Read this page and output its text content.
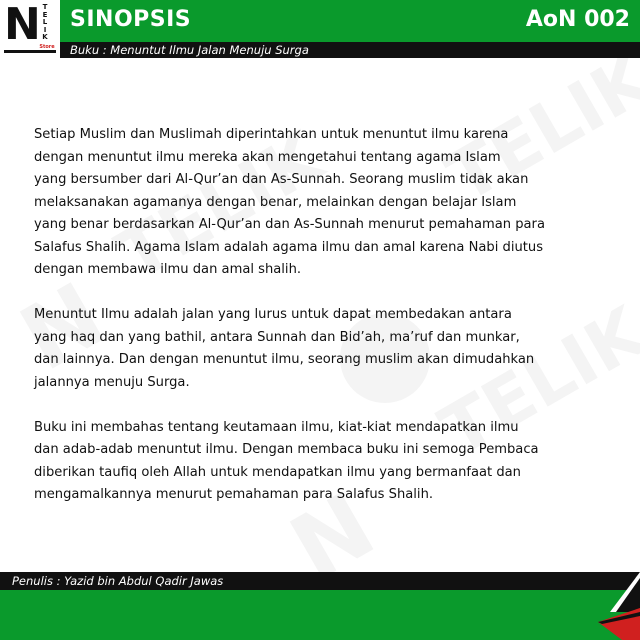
N T
E
L
I
K
Store
SINOPSIS	AoN 002
Buku : Menuntut Ilmu Jalan Menuju Surga
Setiap Muslim dan Muslimah diperintahkan untuk menuntut ilmu karena
dengan menuntut ilmu mereka akan mengetahui tentang agama Islam
yang bersumber dari Al-Qur’an dan As-Sunnah. Seorang muslim tidak akan
melaksanakan agamanya dengan benar, melainkan dengan belajar Islam
yang benar berdasarkan Al-Qur’an dan As-Sunnah menurut pemahaman para
Salafus Shalih. Agama Islam adalah agama ilmu dan amal karena Nabi diutus
dengan membawa ilmu dan amal shalih.
Menuntut Ilmu adalah jalan yang lurus untuk dapat membedakan antara
yang haq dan yang bathil, antara Sunnah dan Bid’ah, ma’ruf dan munkar,
dan lainnya. Dan dengan menuntut ilmu, seorang muslim akan dimudahkan
jalannya menuju Surga.
Buku ini membahas tentang keutamaan ilmu, kiat-kiat mendapatkan ilmu
dan adab-adab menuntut ilmu. Dengan membaca buku ini semoga Pembaca
diberikan taufiq oleh Allah untuk mendapatkan ilmu yang bermanfaat dan
mengamalkannya menurut pemahaman para Salafus Shalih.
Penulis : Yazid bin Abdul Qadir Jawas
